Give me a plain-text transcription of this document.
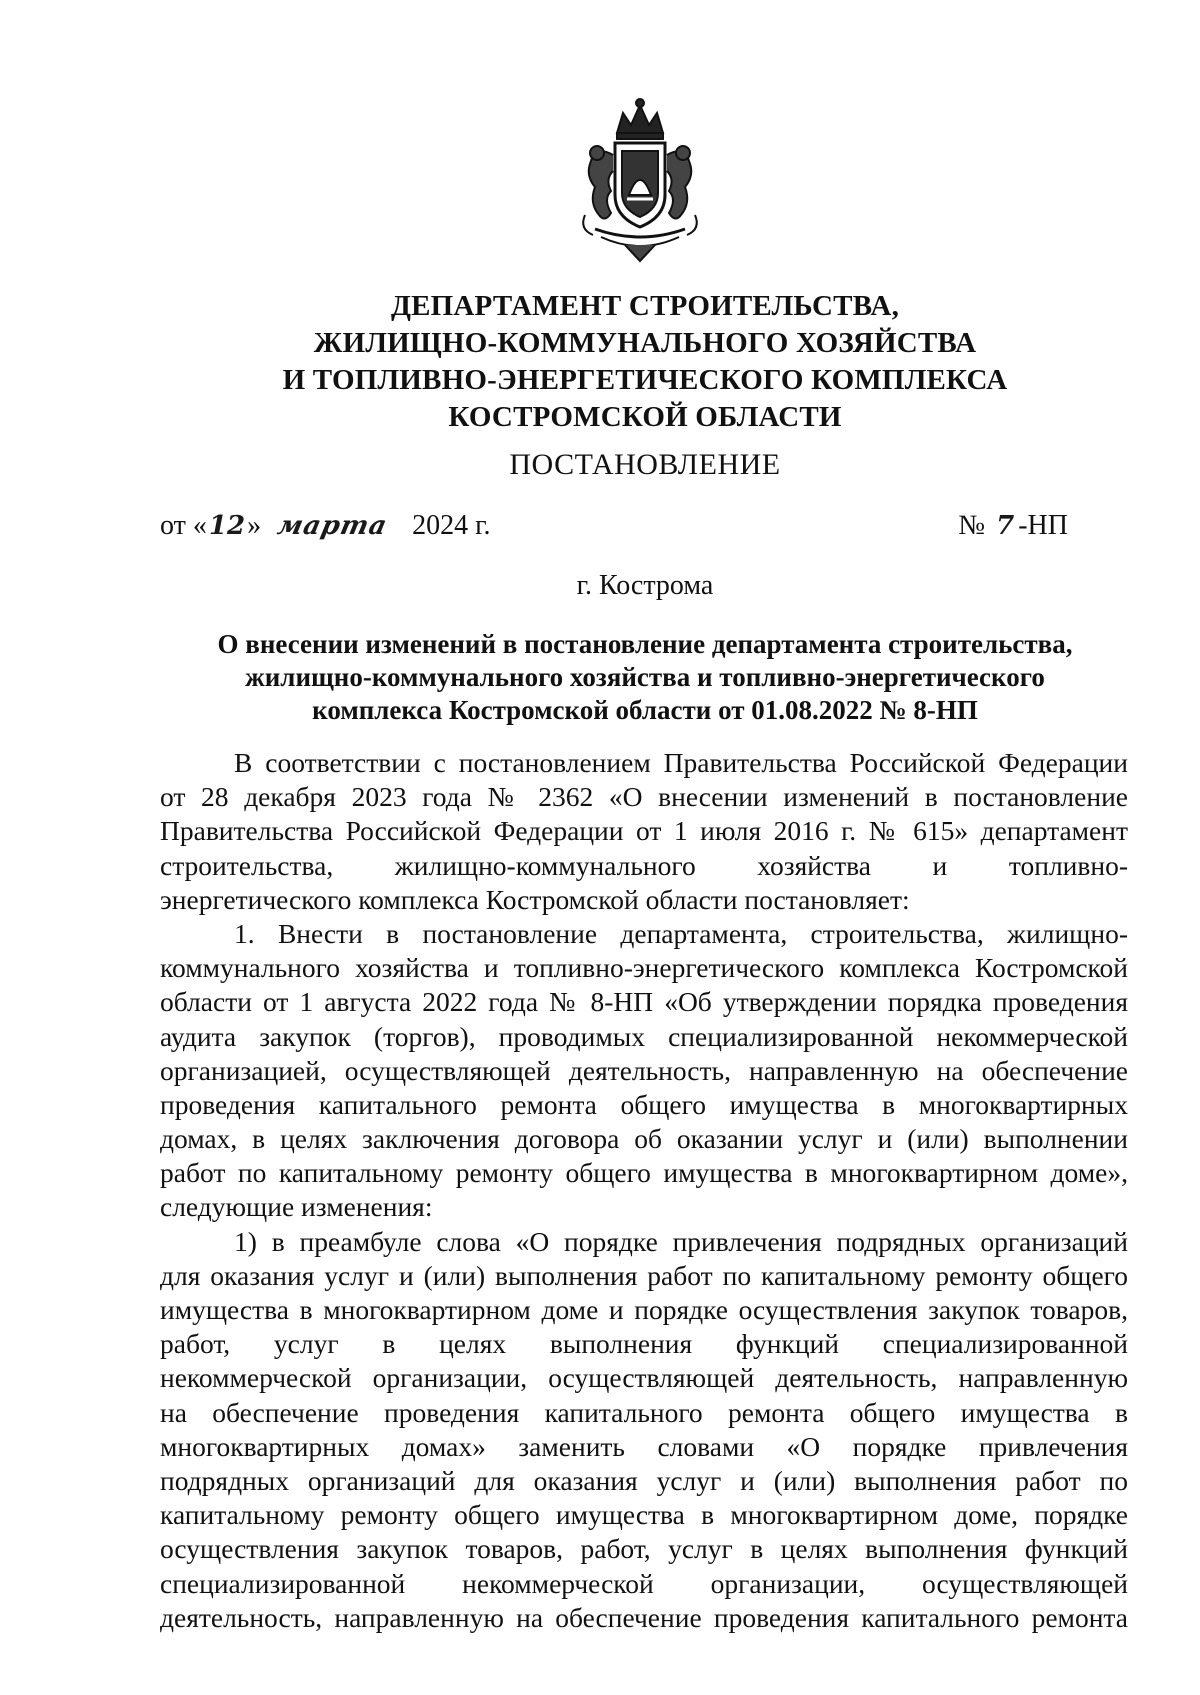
ДЕПАРТАМЕНТ СТРОИТЕЛЬСТВА,
ЖИЛИЩНО-КОММУНАЛЬНОГО ХОЗЯЙСТВА
И ТОПЛИВНО-ЭНЕРГЕТИЧЕСКОГО КОМПЛЕКСА
КОСТРОМСКОЙ ОБЛАСТИ
ПОСТАНОВЛЕНИЕ
от «12» марта 2024 г.	№ 7 -НП
г. Кострома
О внесении изменений в постановление департамента строительства,
жилищно-коммунального хозяйства и топливно-энергетического
комплекса Костромской области от 01.08.2022 № 8-НП
В соответствии с постановлением Правительства Российской Федерации
от 28 декабря 2023 года № 2362 «О внесении изменений в постановление
Правительства Российской Федерации от 1 июля 2016 г. № 615» департамент
строительства, жилищно-коммунального хозяйства и топливно-
энергетического комплекса Костромской области постановляет:
1. Внести в постановление департамента, строительства, жилищно-
коммунального хозяйства и топливно-энергетического комплекса Костромской
области от 1 августа 2022 года № 8-НП «Об утверждении порядка проведения
аудита закупок (торгов), проводимых специализированной некоммерческой
организацией, осуществляющей деятельность, направленную на обеспечение
проведения капитального ремонта общего имущества в многоквартирных
домах, в целях заключения договора об оказании услуг и (или) выполнении
работ по капитальному ремонту общего имущества в многоквартирном доме»,
следующие изменения:
1) в преамбуле слова «О порядке привлечения подрядных организаций
для оказания услуг и (или) выполнения работ по капитальному ремонту общего
имущества в многоквартирном доме и порядке осуществления закупок товаров,
работ, услуг в целях выполнения функций специализированной
некоммерческой организации, осуществляющей деятельность, направленную
на обеспечение проведения капитального ремонта общего имущества в
многоквартирных домах» заменить словами «О порядке привлечения
подрядных организаций для оказания услуг и (или) выполнения работ по
капитальному ремонту общего имущества в многоквартирном доме, порядке
осуществления закупок товаров, работ, услуг в целях выполнения функций
специализированной некоммерческой организации, осуществляющей
деятельность, направленную на обеспечение проведения капитального ремонта
